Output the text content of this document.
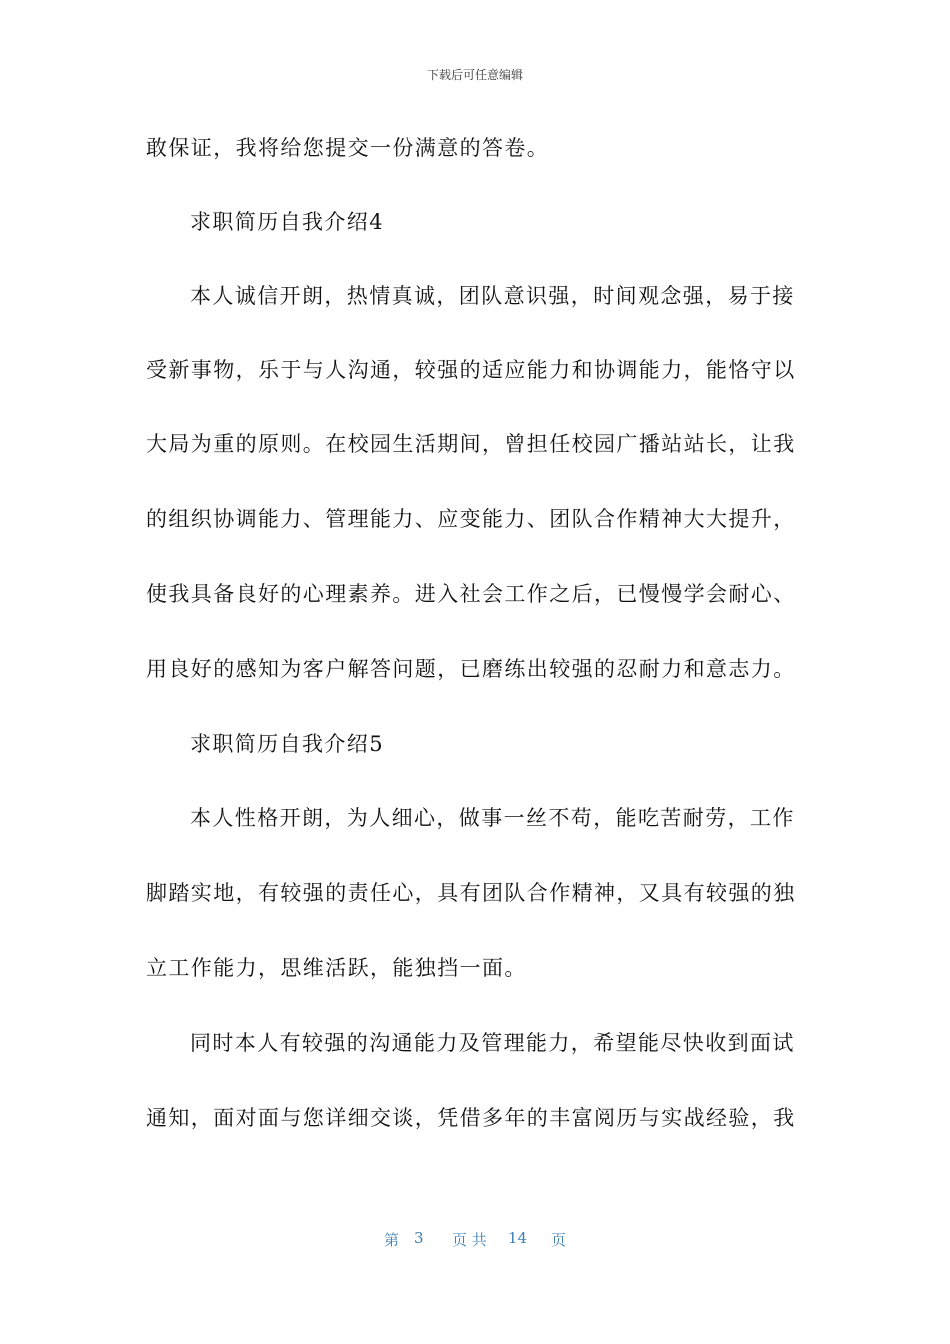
下载后可任意编辑
敢保证，我将给您提交一份满意的答卷。
求职简历自我介绍4
本人诚信开朗，热情真诚，团队意识强，时间观念强，易于接
受新事物，乐于与人沟通，较强的适应能力和协调能力，能恪守以
大局为重的原则。在校园生活期间，曾担任校园广播站站长，让我
的组织协调能力、管理能力、应变能力、团队合作精神大大提升，
使我具备良好的心理素养。进入社会工作之后，已慢慢学会耐心、
用良好的感知为客户解答问题，已磨练出较强的忍耐力和意志力。
求职简历自我介绍5
本人性格开朗，为人细心，做事一丝不苟，能吃苦耐劳，工作
脚踏实地，有较强的责任心，具有团队合作精神，又具有较强的独
立工作能力，思维活跃，能独挡一面。
同时本人有较强的沟通能力及管理能力，希望能尽快收到面试
通知，面对面与您详细交谈，凭借多年的丰富阅历与实战经验，我
第 3 页 共 14 页
